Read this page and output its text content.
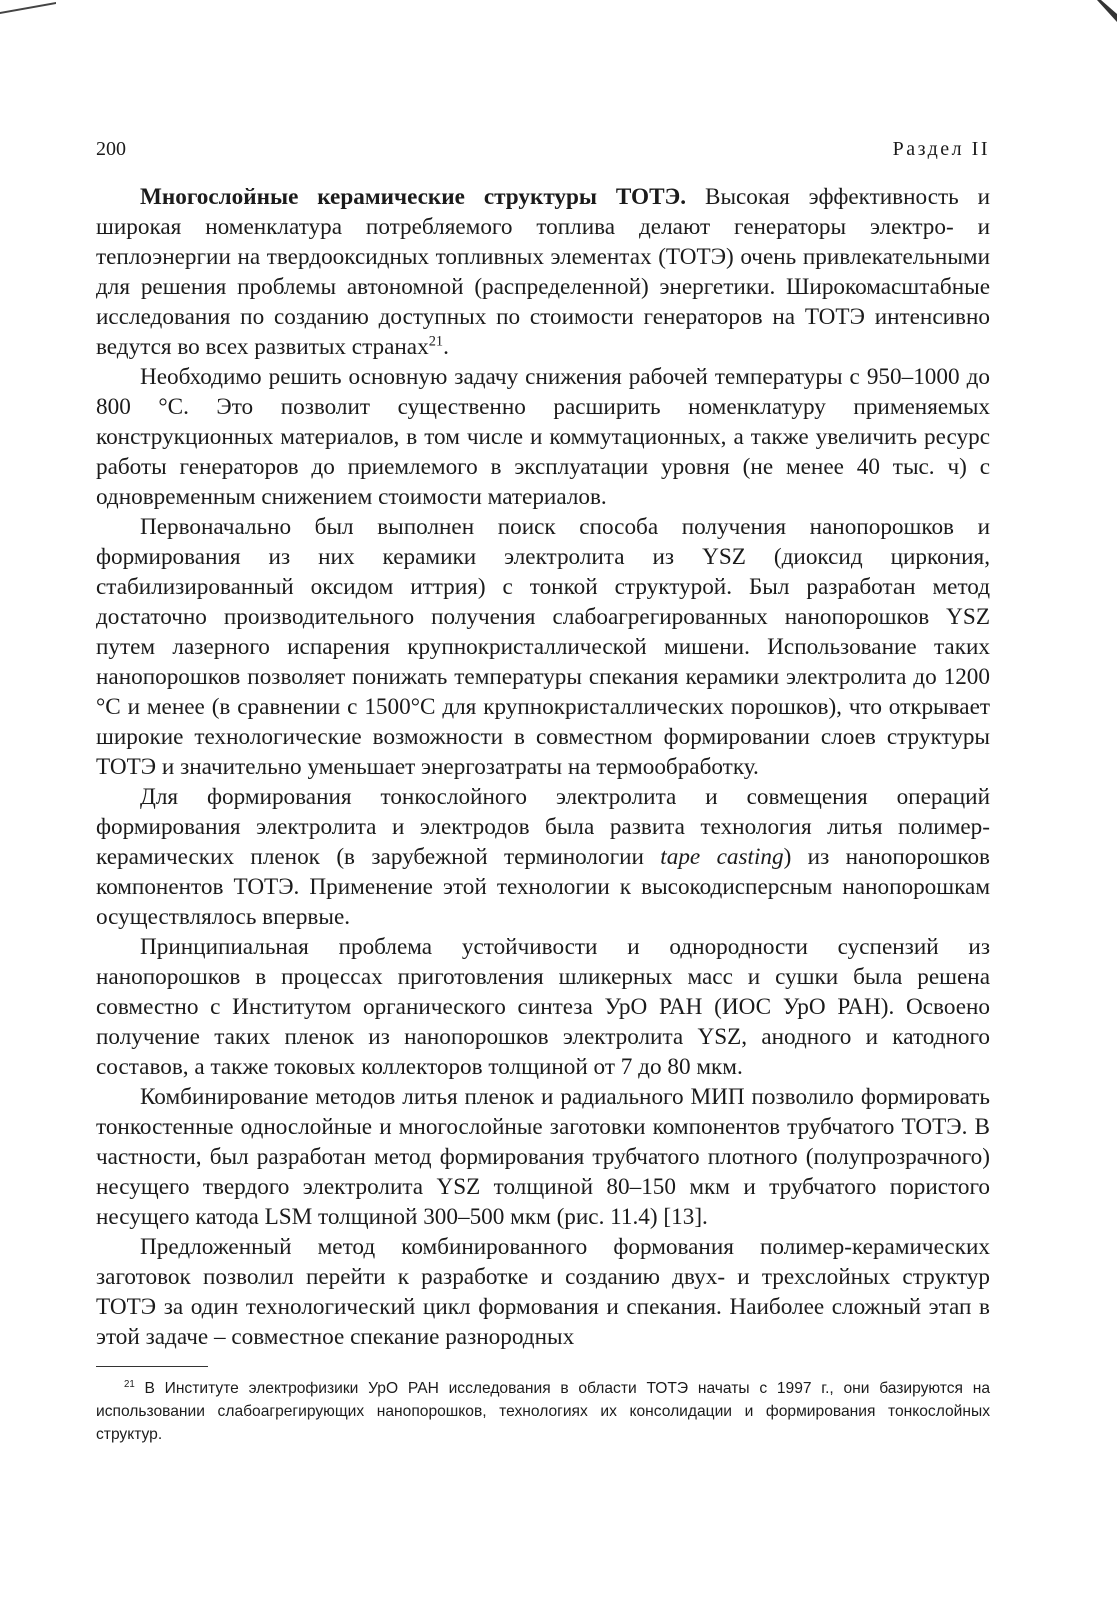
200	Раздел II

Многослойные керамические структуры ТОТЭ. Высокая эффективность и широкая номенклатура потребляемого топлива делают генераторы электро- и теплоэнергии на твердооксидных топливных элементах (ТОТЭ) очень привлекательными для решения проблемы автономной (распределенной) энергетики. Широкомасштабные исследования по созданию доступных по стоимости генераторов на ТОТЭ интенсивно ведутся во всех развитых странах$^{21}$.

Необходимо решить основную задачу снижения рабочей температуры с 950–1000 до 800 °С. Это позволит существенно расширить номенклатуру применяемых конструкционных материалов, в том числе и коммутационных, а также увеличить ресурс работы генераторов до приемлемого в эксплуатации уровня (не менее 40 тыс. ч) с одновременным снижением стоимости материалов.

Первоначально был выполнен поиск способа получения нанопорошков и формирования из них керамики электролита из YSZ (диоксид циркония, стабилизированный оксидом иттрия) с тонкой структурой. Был разработан метод достаточно производительного получения слабоагрегированных нанопорошков YSZ путем лазерного испарения крупнокристаллической мишени. Использование таких нанопорошков позволяет понижать температуры спекания керамики электролита до 1200 °С и менее (в сравнении с 1500°С для крупнокристаллических порошков), что открывает широкие технологические возможности в совместном формировании слоев структуры ТОТЭ и значительно уменьшает энергозатраты на термообработку.

Для формирования тонкослойного электролита и совмещения операций формирования электролита и электродов была развита технология литья полимер-керамических пленок (в зарубежной терминологии tape casting) из нанопорошков компонентов ТОТЭ. Применение этой технологии к высокодисперсным нанопорошкам осуществлялось впервые.

Принципиальная проблема устойчивости и однородности суспензий из нанопорошков в процессах приготовления шликерных масс и сушки была решена совместно с Институтом органического синтеза УрО РАН (ИОС УрО РАН). Освоено получение таких пленок из нанопорошков электролита YSZ, анодного и катодного составов, а также токовых коллекторов толщиной от 7 до 80 мкм.

Комбинирование методов литья пленок и радиального МИП позволило формировать тонкостенные однослойные и многослойные заготовки компонентов трубчатого ТОТЭ. В частности, был разработан метод формирования трубчатого плотного (полупрозрачного) несущего твердого электролита YSZ толщиной 80–150 мкм и трубчатого пористого несущего катода LSM толщиной 300–500 мкм (рис. 11.4) [13].

Предложенный метод комбинированного формования полимер-керамических заготовок позволил перейти к разработке и созданию двух- и трехслойных структур ТОТЭ за один технологический цикл формования и спекания. Наиболее сложный этап в этой задаче – совместное спекание разнородных

$^{21}$ В Институте электрофизики УрО РАН исследования в области ТОТЭ начаты с 1997 г., они базируются на использовании слабоагрегирующих нанопорошков, технологиях их консолидации и формирования тонкослойных структур.
